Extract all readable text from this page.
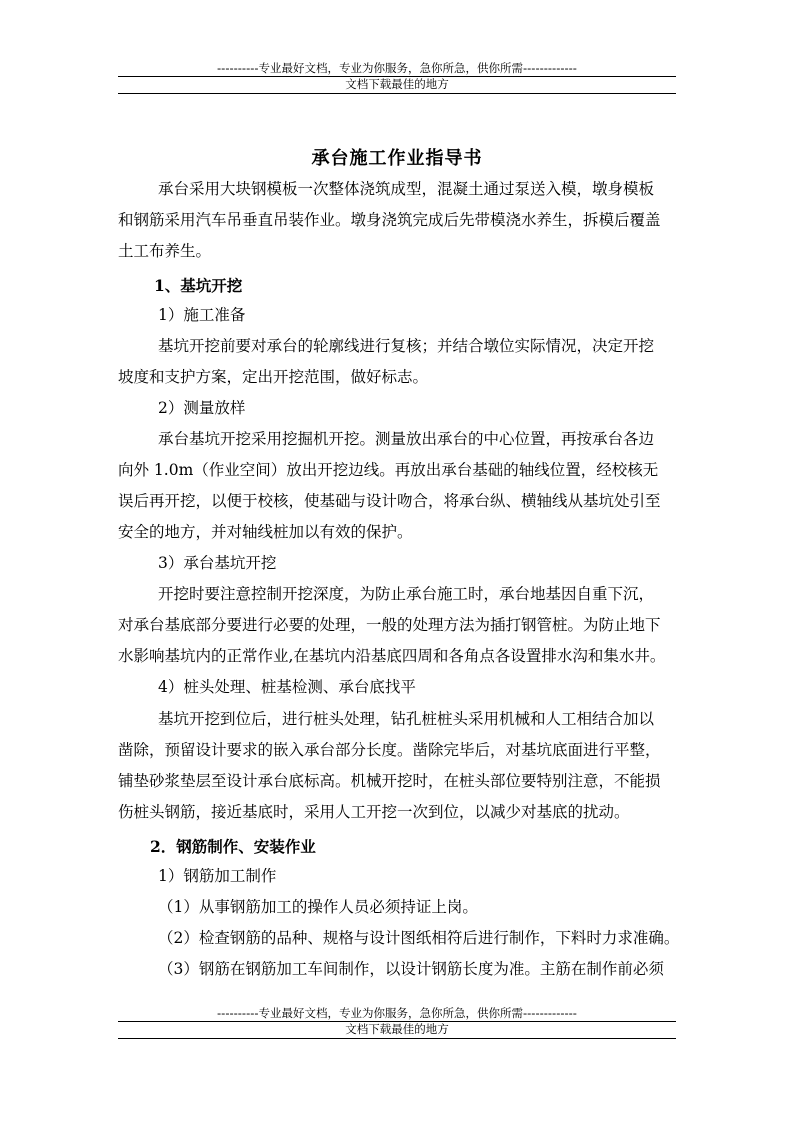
----------专业最好文档，专业为你服务，急你所急，供你所需-------------
文档下载最佳的地方
承台施工作业指导书
承台采用大块钢模板一次整体浇筑成型，混凝土通过泵送入模，墩身模板
和钢筋采用汽车吊垂直吊装作业。墩身浇筑完成后先带模浇水养生，拆模后覆盖
土工布养生。
1、基坑开挖
1）施工准备
基坑开挖前要对承台的轮廓线进行复核；并结合墩位实际情况，决定开挖
坡度和支护方案，定出开挖范围，做好标志。
2）测量放样
承台基坑开挖采用挖掘机开挖。测量放出承台的中心位置，再按承台各边
向外 1.0m（作业空间）放出开挖边线。再放出承台基础的轴线位置，经校核无
误后再开挖，以便于校核，使基础与设计吻合，将承台纵、横轴线从基坑处引至
安全的地方，并对轴线桩加以有效的保护。
3）承台基坑开挖
开挖时要注意控制开挖深度，为防止承台施工时，承台地基因自重下沉，
对承台基底部分要进行必要的处理，一般的处理方法为插打钢管桩。为防止地下
水影响基坑内的正常作业,在基坑内沿基底四周和各角点各设置排水沟和集水井。
4）桩头处理、桩基检测、承台底找平
基坑开挖到位后，进行桩头处理，钻孔桩桩头采用机械和人工相结合加以
凿除，预留设计要求的嵌入承台部分长度。凿除完毕后，对基坑底面进行平整，
铺垫砂浆垫层至设计承台底标高。机械开挖时，在桩头部位要特别注意，不能损
伤桩头钢筋，接近基底时，采用人工开挖一次到位，以减少对基底的扰动。
2．钢筋制作、安装作业
1）钢筋加工制作
（1）从事钢筋加工的操作人员必须持证上岗。
（2）检查钢筋的品种、规格与设计图纸相符后进行制作，下料时力求准确。
（3）钢筋在钢筋加工车间制作，以设计钢筋长度为准。主筋在制作前必须
----------专业最好文档，专业为你服务，急你所急，供你所需-------------
文档下载最佳的地方
